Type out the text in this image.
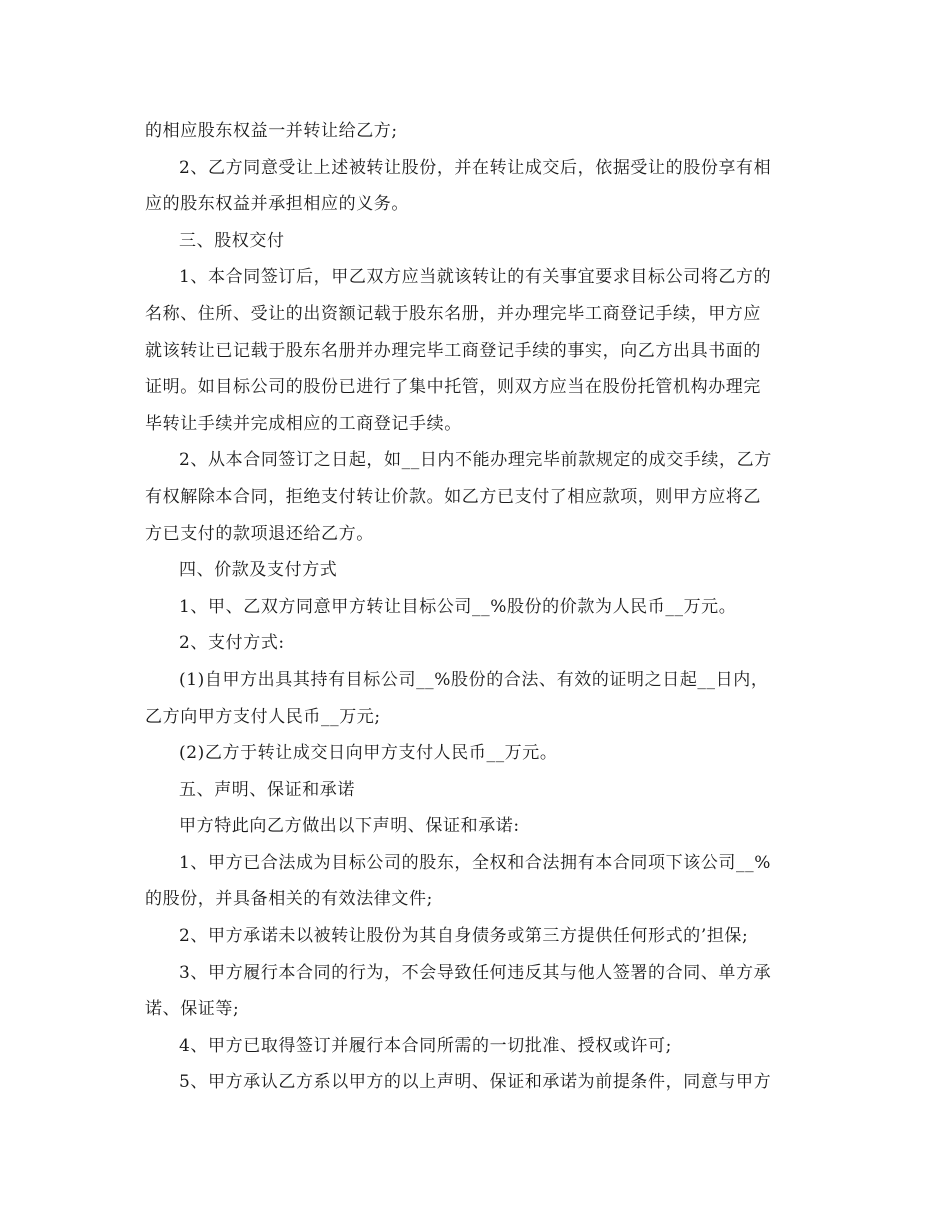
的相应股东权益一并转让给乙方;
2、乙方同意受让上述被转让股份，并在转让成交后，依据受让的股份享有相
应的股东权益并承担相应的义务。
三、股权交付
1、本合同签订后，甲乙双方应当就该转让的有关事宜要求目标公司将乙方的
名称、住所、受让的出资额记载于股东名册，并办理完毕工商登记手续，甲方应
就该转让已记载于股东名册并办理完毕工商登记手续的事实，向乙方出具书面的
证明。如目标公司的股份已进行了集中托管，则双方应当在股份托管机构办理完
毕转让手续并完成相应的工商登记手续。
2、从本合同签订之日起，如__日内不能办理完毕前款规定的成交手续，乙方
有权解除本合同，拒绝支付转让价款。如乙方已支付了相应款项，则甲方应将乙
方已支付的款项退还给乙方。
四、价款及支付方式
1、甲、乙双方同意甲方转让目标公司__%股份的价款为人民币__万元。
2、支付方式:
(1)自甲方出具其持有目标公司__%股份的合法、有效的证明之日起__日内，
乙方向甲方支付人民币__万元;
(2)乙方于转让成交日向甲方支付人民币__万元。
五、声明、保证和承诺
甲方特此向乙方做出以下声明、保证和承诺:
1、甲方已合法成为目标公司的股东，全权和合法拥有本合同项下该公司__%
的股份，并具备相关的有效法律文件;
2、甲方承诺未以被转让股份为其自身债务或第三方提供任何形式的’担保;
3、甲方履行本合同的行为，不会导致任何违反其与他人签署的合同、单方承
诺、保证等;
4、甲方已取得签订并履行本合同所需的一切批准、授权或许可;
5、甲方承认乙方系以甲方的以上声明、保证和承诺为前提条件，同意与甲方
